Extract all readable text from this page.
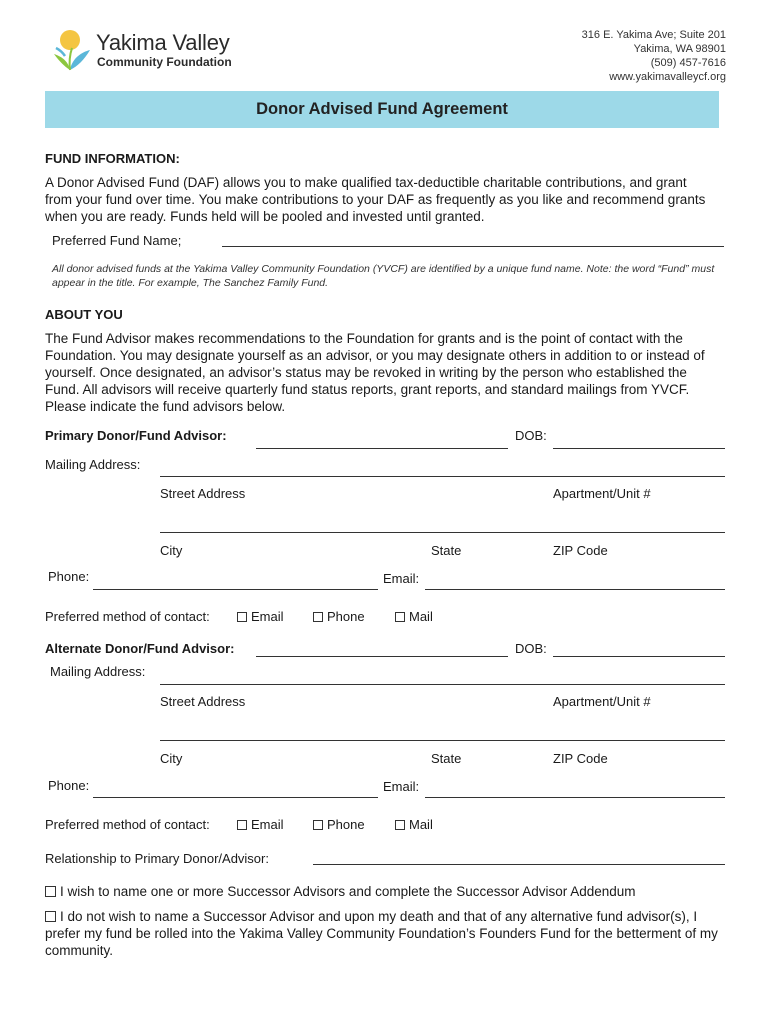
Yakima Valley
Community Foundation
316 E. Yakima Ave; Suite 201
Yakima, WA 98901
(509) 457-7616
www.yakimavalleycf.org
Donor Advised Fund Agreement
FUND INFORMATION:
A Donor Advised Fund (DAF) allows you to make qualified tax-deductible charitable contributions, and grant from your fund over time. You make contributions to your DAF as frequently as you like and recommend grants when you are ready. Funds held will be pooled and invested until granted.
Preferred Fund Name;
All donor advised funds at the Yakima Valley Community Foundation (YVCF) are identified by a unique fund name. Note: the word “Fund” must appear in the title. For example, The Sanchez Family Fund.
ABOUT YOU
The Fund Advisor makes recommendations to the Foundation for grants and is the point of contact with the Foundation. You may designate yourself as an advisor, or you may designate others in addition to or instead of yourself. Once designated, an advisor’s status may be revoked in writing by the person who established the Fund. All advisors will receive quarterly fund status reports, grant reports, and standard mailings from YVCF. Please indicate the fund advisors below.
Primary Donor/Fund Advisor:	DOB:
Mailing Address:
Street Address	Apartment/Unit #
City	State	ZIP Code
Phone:	Email:
Preferred method of contact:	Email	Phone	Mail
Alternate Donor/Fund Advisor:	DOB:
Mailing Address:
Street Address	Apartment/Unit #
City	State	ZIP Code
Phone:	Email:
Preferred method of contact:	Email	Phone	Mail
Relationship to Primary Donor/Advisor:
I wish to name one or more Successor Advisors and complete the Successor Advisor Addendum
I do not wish to name a Successor Advisor and upon my death and that of any alternative fund advisor(s), I prefer my fund be rolled into the Yakima Valley Community Foundation’s Founders Fund for the betterment of my community.
